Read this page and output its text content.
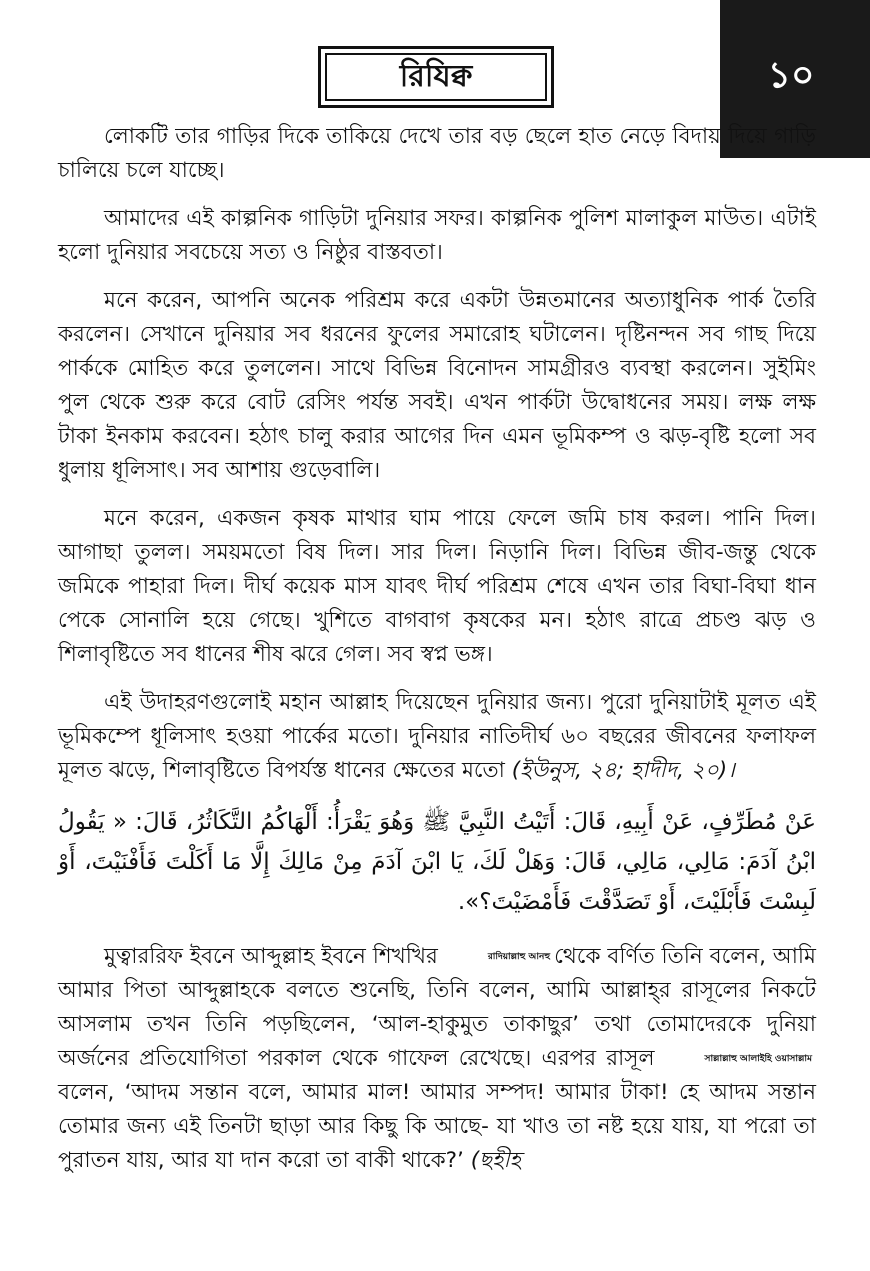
১০
রিযিক্ব

লোকটি তার গাড়ির দিকে তাকিয়ে দেখে তার বড় ছেলে হাত নেড়ে বিদায় দিয়ে গাড়ি চালিয়ে চলে যাচ্ছে।

আমাদের এই কাল্পনিক গাড়িটা দুনিয়ার সফর। কাল্পনিক পুলিশ মালাকুল মাউত। এটাই হলো দুনিয়ার সবচেয়ে সত্য ও নিষ্ঠুর বাস্তবতা।

মনে করেন, আপনি অনেক পরিশ্রম করে একটা উন্নতমানের অত্যাধুনিক পার্ক তৈরি করলেন। সেখানে দুনিয়ার সব ধরনের ফুলের সমারোহ ঘটালেন। দৃষ্টিনন্দন সব গাছ দিয়ে পার্ককে মোহিত করে তুললেন। সাথে বিভিন্ন বিনোদন সামগ্রীরও ব্যবস্থা করলেন। সুইমিং পুল থেকে শুরু করে বোট রেসিং পর্যন্ত সবই। এখন পার্কটা উদ্বোধনের সময়। লক্ষ লক্ষ টাকা ইনকাম করবেন। হঠাৎ চালু করার আগের দিন এমন ভূমিকম্প ও ঝড়-বৃষ্টি হলো সব ধুলায় ধূলিসাৎ। সব আশায় গুড়েবালি।

মনে করেন, একজন কৃষক মাথার ঘাম পায়ে ফেলে জমি চাষ করল। পানি দিল। আগাছা তুলল। সময়মতো বিষ দিল। সার দিল। নিড়ানি দিল। বিভিন্ন জীব-জন্তু থেকে জমিকে পাহারা দিল। দীর্ঘ কয়েক মাস যাবৎ দীর্ঘ পরিশ্রম শেষে এখন তার বিঘা-বিঘা ধান পেকে সোনালি হয়ে গেছে। খুশিতে বাগবাগ কৃষকের মন। হঠাৎ রাত্রে প্রচণ্ড ঝড় ও শিলাবৃষ্টিতে সব ধানের শীষ ঝরে গেল। সব স্বপ্ন ভঙ্গ।

এই উদাহরণগুলোই মহান আল্লাহ দিয়েছেন দুনিয়ার জন্য। পুরো দুনিয়াটাই মূলত এই ভূমিকম্পে ধূলিসাৎ হওয়া পার্কের মতো। দুনিয়ার নাতিদীর্ঘ ৬০ বছরের জীবনের ফলাফল মূলত ঝড়ে, শিলাবৃষ্টিতে বিপর্যস্ত ধানের ক্ষেতের মতো (ইউনুস, ২৪; হাদীদ, ২০)।

عَنْ مُطَرِّفٍ، عَنْ أَبِيهِ، قَالَ: أَتَيْتُ النَّبِيَّ ﷺ وَهُوَ يَقْرَأُ: أَلْهَاكُمُ التَّكَاثُرُ، قَالَ: « يَقُولُ ابْنُ آدَمَ: مَالِي، مَالِي، قَالَ: وَهَلْ لَكَ، يَا ابْنَ آدَمَ مِنْ مَالِكَ إِلَّا مَا أَكَلْتَ فَأَفْنَيْتَ، أَوْ لَبِسْتَ فَأَبْلَيْتَ، أَوْ تَصَدَّقْتَ فَأَمْضَيْتَ؟».

মুত্বাররিফ ইবনে আব্দুল্লাহ ইবনে শিখখির	রাদিয়াল্লাহু আনহু থেকে বর্ণিত তিনি বলেন, আমি আমার পিতা আব্দুল্লাহকে বলতে শুনেছি, তিনি বলেন, আমি আল্লাহ্‌র রাসূলের নিকটে আসলাম তখন তিনি পড়ছিলেন, ‘আল-হাকুমুত তাকাছুর’ তথা তোমাদেরকে দুনিয়া অর্জনের প্রতিযোগিতা পরকাল থেকে গাফেল রেখেছে। এরপর রাসূল	সাল্লাল্লাহু আলাইহি ওয়াসাল্লামবলেন, ‘আদম সন্তান বলে, আমার মাল! আমার সম্পদ! আমার টাকা! হে আদম সন্তান তোমার জন্য এই তিনটা ছাড়া আর কিছু কি আছে- যা খাও তা নষ্ট হয়ে যায়, যা পরো তা পুরাতন যায়, আর যা দান করো তা বাকী থাকে?’ (ছহীহ
